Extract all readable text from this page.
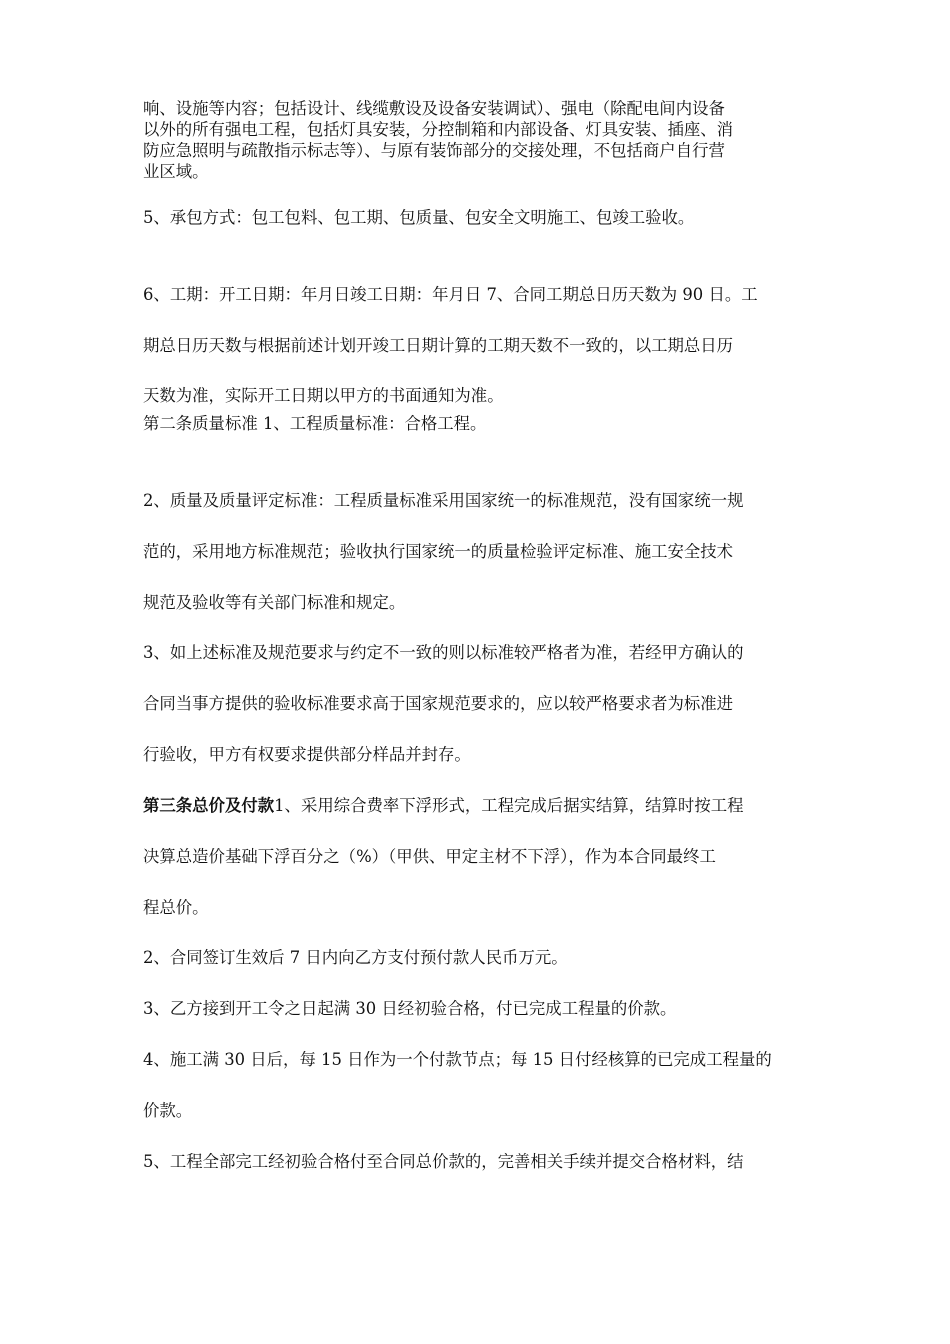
响、设施等内容；包括设计、线缆敷设及设备安装调试）、强电（除配电间内设备

以外的所有强电工程，包括灯具安装，分控制箱和内部设备、灯具安装、插座、消

防应急照明与疏散指示标志等）、与原有装饰部分的交接处理，不包括商户自行营

业区域。

5、承包方式：包工包料、包工期、包质量、包安全文明施工、包竣工验收。

6、工期：开工日期：年月日竣工日期：年月日 7、合同工期总日历天数为 90 日。工

期总日历天数与根据前述计划开竣工日期计算的工期天数不一致的，以工期总日历

天数为准，实际开工日期以甲方的书面通知为准。

第二条质量标准 1、工程质量标准：合格工程。

2、质量及质量评定标准：工程质量标准采用国家统一的标准规范，没有国家统一规

范的，采用地方标准规范；验收执行国家统一的质量检验评定标准、施工安全技术

规范及验收等有关部门标准和规定。

3、如上述标准及规范要求与约定不一致的则以标准较严格者为准，若经甲方确认的

合同当事方提供的验收标准要求高于国家规范要求的，应以较严格要求者为标准进

行验收，甲方有权要求提供部分样品并封存。

第三条总价及付款1、采用综合费率下浮形式，工程完成后据实结算，结算时按工程

决算总造价基础下浮百分之（%）（甲供、甲定主材不下浮），作为本合同最终工

程总价。

2、合同签订生效后 7 日内向乙方支付预付款人民币万元。

3、乙方接到开工令之日起满 30 日经初验合格，付已完成工程量的价款。

4、施工满 30 日后，每 15 日作为一个付款节点；每 15 日付经核算的已完成工程量的

价款。

5、工程全部完工经初验合格付至合同总价款的，完善相关手续并提交合格材料，结
